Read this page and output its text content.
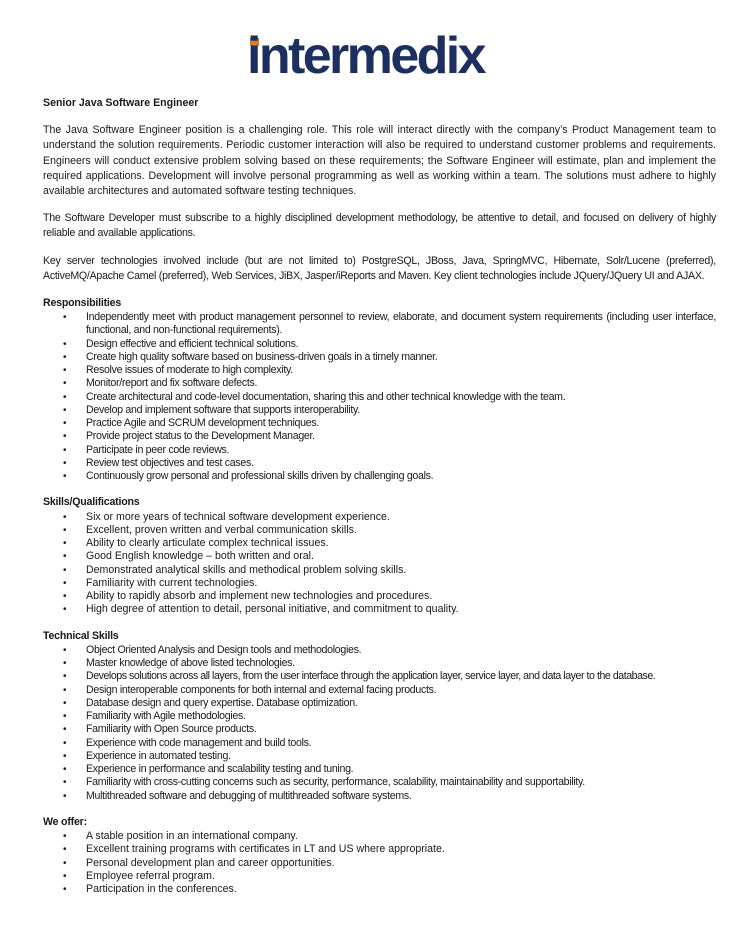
intermedix
Senior Java Software Engineer

The Java Software Engineer position is a challenging role. This role will interact directly with the company’s Product Management team to understand the solution requirements. Periodic customer interaction will also be required to understand customer problems and requirements. Engineers will conduct extensive problem solving based on these requirements; the Software Engineer will estimate, plan and implement the required applications. Development will involve personal programming as well as working within a team. The solutions must adhere to highly available architectures and automated software testing techniques.

The Software Developer must subscribe to a highly disciplined development methodology, be attentive to detail, and focused on delivery of highly reliable and available applications.

Key server technologies involved include (but are not limited to) PostgreSQL, JBoss, Java, SpringMVC, Hibernate, Solr/Lucene (preferred), ActiveMQ/Apache Camel (preferred), Web Services, JiBX, Jasper/iReports and Maven. Key client technologies include JQuery/JQuery UI and AJAX.

Responsibilities
• Independently meet with product management personnel to review, elaborate, and document system requirements (including user interface, functional, and non-functional requirements).
• Design effective and efficient technical solutions.
• Create high quality software based on business-driven goals in a timely manner.
• Resolve issues of moderate to high complexity.
• Monitor/report and fix software defects.
• Create architectural and code-level documentation, sharing this and other technical knowledge with the team.
• Develop and implement software that supports interoperability.
• Practice Agile and SCRUM development techniques.
• Provide project status to the Development Manager.
• Participate in peer code reviews.
• Review test objectives and test cases.
• Continuously grow personal and professional skills driven by challenging goals.
Skills/Qualifications
• Six or more years of technical software development experience.
• Excellent, proven written and verbal communication skills.
• Ability to clearly articulate complex technical issues.
• Good English knowledge – both written and oral.
• Demonstrated analytical skills and methodical problem solving skills.
• Familiarity with current technologies.
• Ability to rapidly absorb and implement new technologies and procedures.
• High degree of attention to detail, personal initiative, and commitment to quality.
Technical Skills
• Object Oriented Analysis and Design tools and methodologies.
• Master knowledge of above listed technologies.
• Develops solutions across all layers, from the user interface through the application layer, service layer, and data layer to the database.
• Design interoperable components for both internal and external facing products.
• Database design and query expertise. Database optimization.
• Familiarity with Agile methodologies.
• Familiarity with Open Source products.
• Experience with code management and build tools.
• Experience in automated testing.
• Experience in performance and scalability testing and tuning.
• Familiarity with cross-cutting concerns such as security, performance, scalability, maintainability and supportability.
• Multithreaded software and debugging of multithreaded software systems.
We offer:
• A stable position in an international company.
• Excellent training programs with certificates in LT and US where appropriate.
• Personal development plan and career opportunities.
• Employee referral program.
• Participation in the conferences.
